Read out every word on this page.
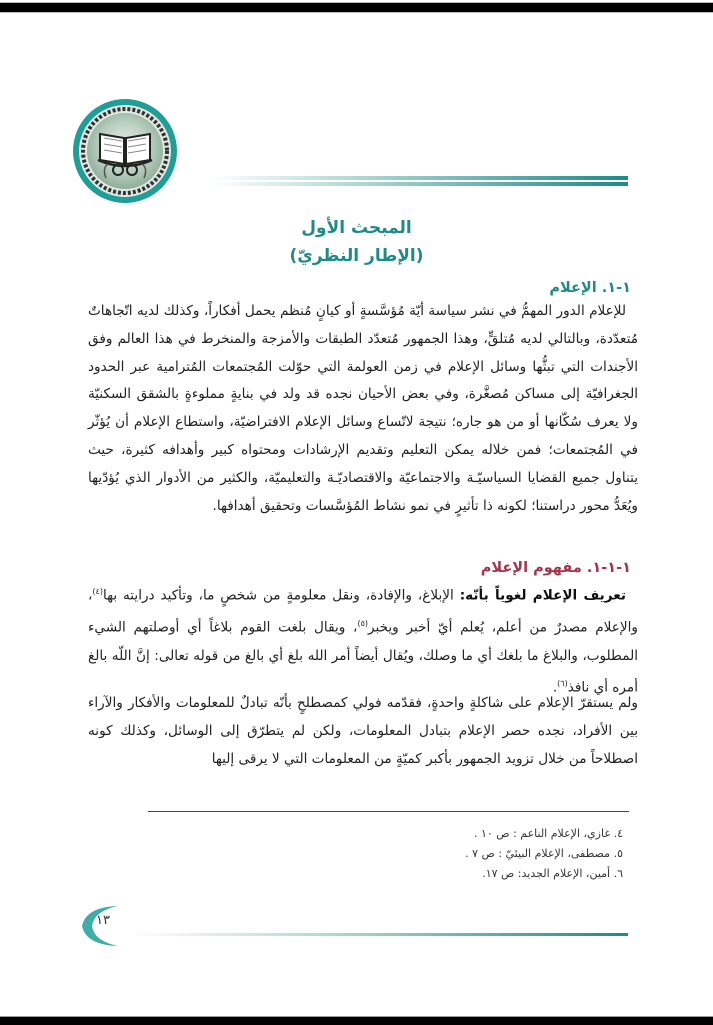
المبحث الأول
(الإطار النظريّ)
١-١. الإعلام

للإعلام الدور المهمُّ في نشر سياسة أيّة مُؤسَّسةٍ أو كيانٍ مُنظم يحمل أفكاراً، وكذلك لديه اتّجاهاتٌ مُتعدّدة، وبالتالي لديه مُتلقٍّ، وهذا الجمهور مُتعدّد الطبقات والأمزجة والمنخرط في هذا العالم وفق الأجندات التي تبثُّها وسائل الإعلام في زمن العولمة التي حوّلت المُجتمعات المُترامية عبر الحدود الجغرافيّة إلى مساكن مُصغَّرة، وفي بعض الأحيان نجده قد ولد في بنايةٍ مملوءةٍ بالشقق السكنيّة ولا يعرف سُكّانها أو من هو جاره؛ نتيجة لاتّساع وسائل الإعلام الافتراضيّة، واستطاع الإعلام أن يُؤثّر في المُجتمعات؛ فمن خلاله يمكن التعليم وتقديم الإرشادات ومحتواه كبير وأهدافه كثيرة، حيث يتناول جميع القضايا السياسيّـة والاجتماعيّة والاقتصاديّـة والتعليميّة، والكثير من الأدوار الذي يُؤدّيها ويُعَدُّ محور دراستنا؛ لكونه ذا تأثيرٍ في نمو نشاط المُؤسَّسات وتحقيق أهدافها.

١-١-١. مفهوم الإعلام

تعريف الإعلام لغوياً بأنّه: الإبلاغ، والإفادة، ونقل معلومةٍ من شخصٍ ما، وتأكيد درايته بها$^{(٤)}$، والإعلام مصدرٌ من أعلم، يُعلم أيّ أخبر ويخبر$^{(٥)}$، ويقال بلغت القوم بلاغاً أي أوصلتهم الشيء المطلوب، والبلاغ ما بلغك أي ما وصلك، ويُقال أيضاً أمر الله بلغ أي بالغ من قوله تعالى: إنَّ اللّه بالغ أمره أي نافذ$^{(٦)}$.

ولم يستقرّ الإعلام على شاكلةٍ واحدةٍ، فقدّمه فولي كمصطلحٍ بأنّه تبادلٌ للمعلومات والأفكار والآراء بين الأفراد، نجده حصر الإعلام بتبادل المعلومات، ولكن لم يتطرّق إلى الوسائل، وكذلك كونه اصطلاحاً من خلال تزويد الجمهور بأكبر كميّةٍ من المعلومات التي لا يرقى إليها

٤. غازي، الإعلام الناعم : ص ١٠ .
٥. مصطفى، الإعلام البيئيّ : ص ٧ .
٦. أمين، الإعلام الجديد: ص ١٧.
١٣
